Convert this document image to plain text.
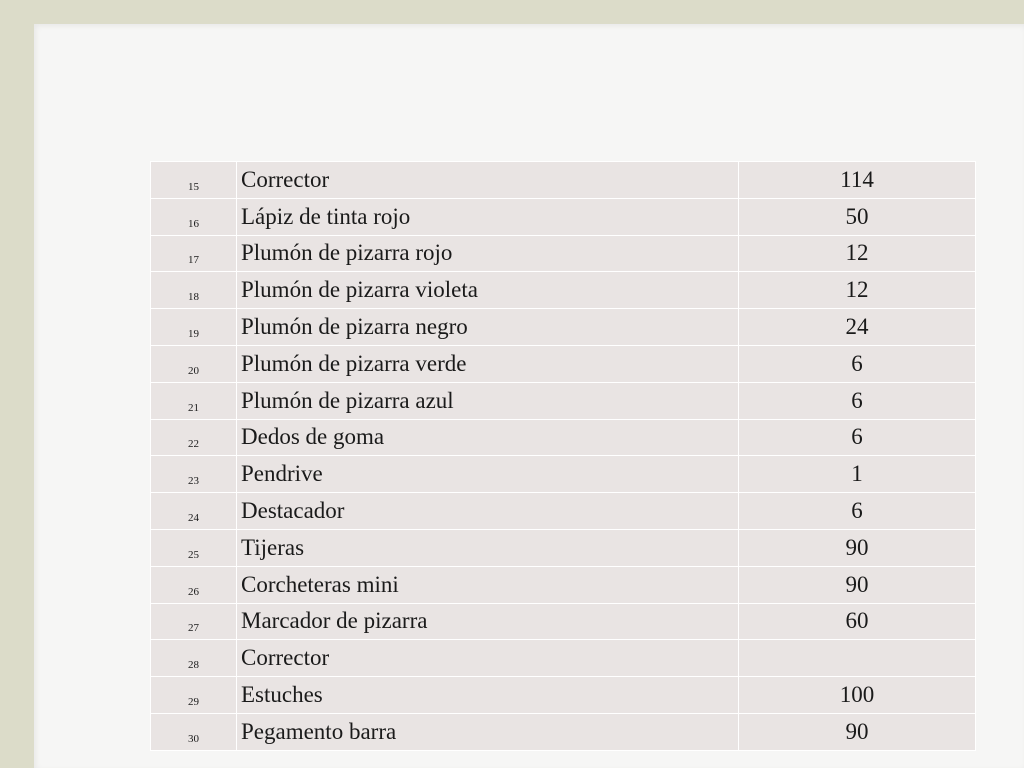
15	Corrector	114
16	Lápiz de tinta rojo	50
17	Plumón de pizarra rojo	12
18	Plumón de pizarra violeta	12
19	Plumón de pizarra negro	24
20	Plumón de pizarra verde	6
21	Plumón de pizarra azul	6
22	Dedos de goma	6
23	Pendrive	1
24	Destacador	6
25	Tijeras	90
26	Corcheteras mini	90
27	Marcador de pizarra	60
28	Corrector	
29	Estuches	100
30	Pegamento barra	90
